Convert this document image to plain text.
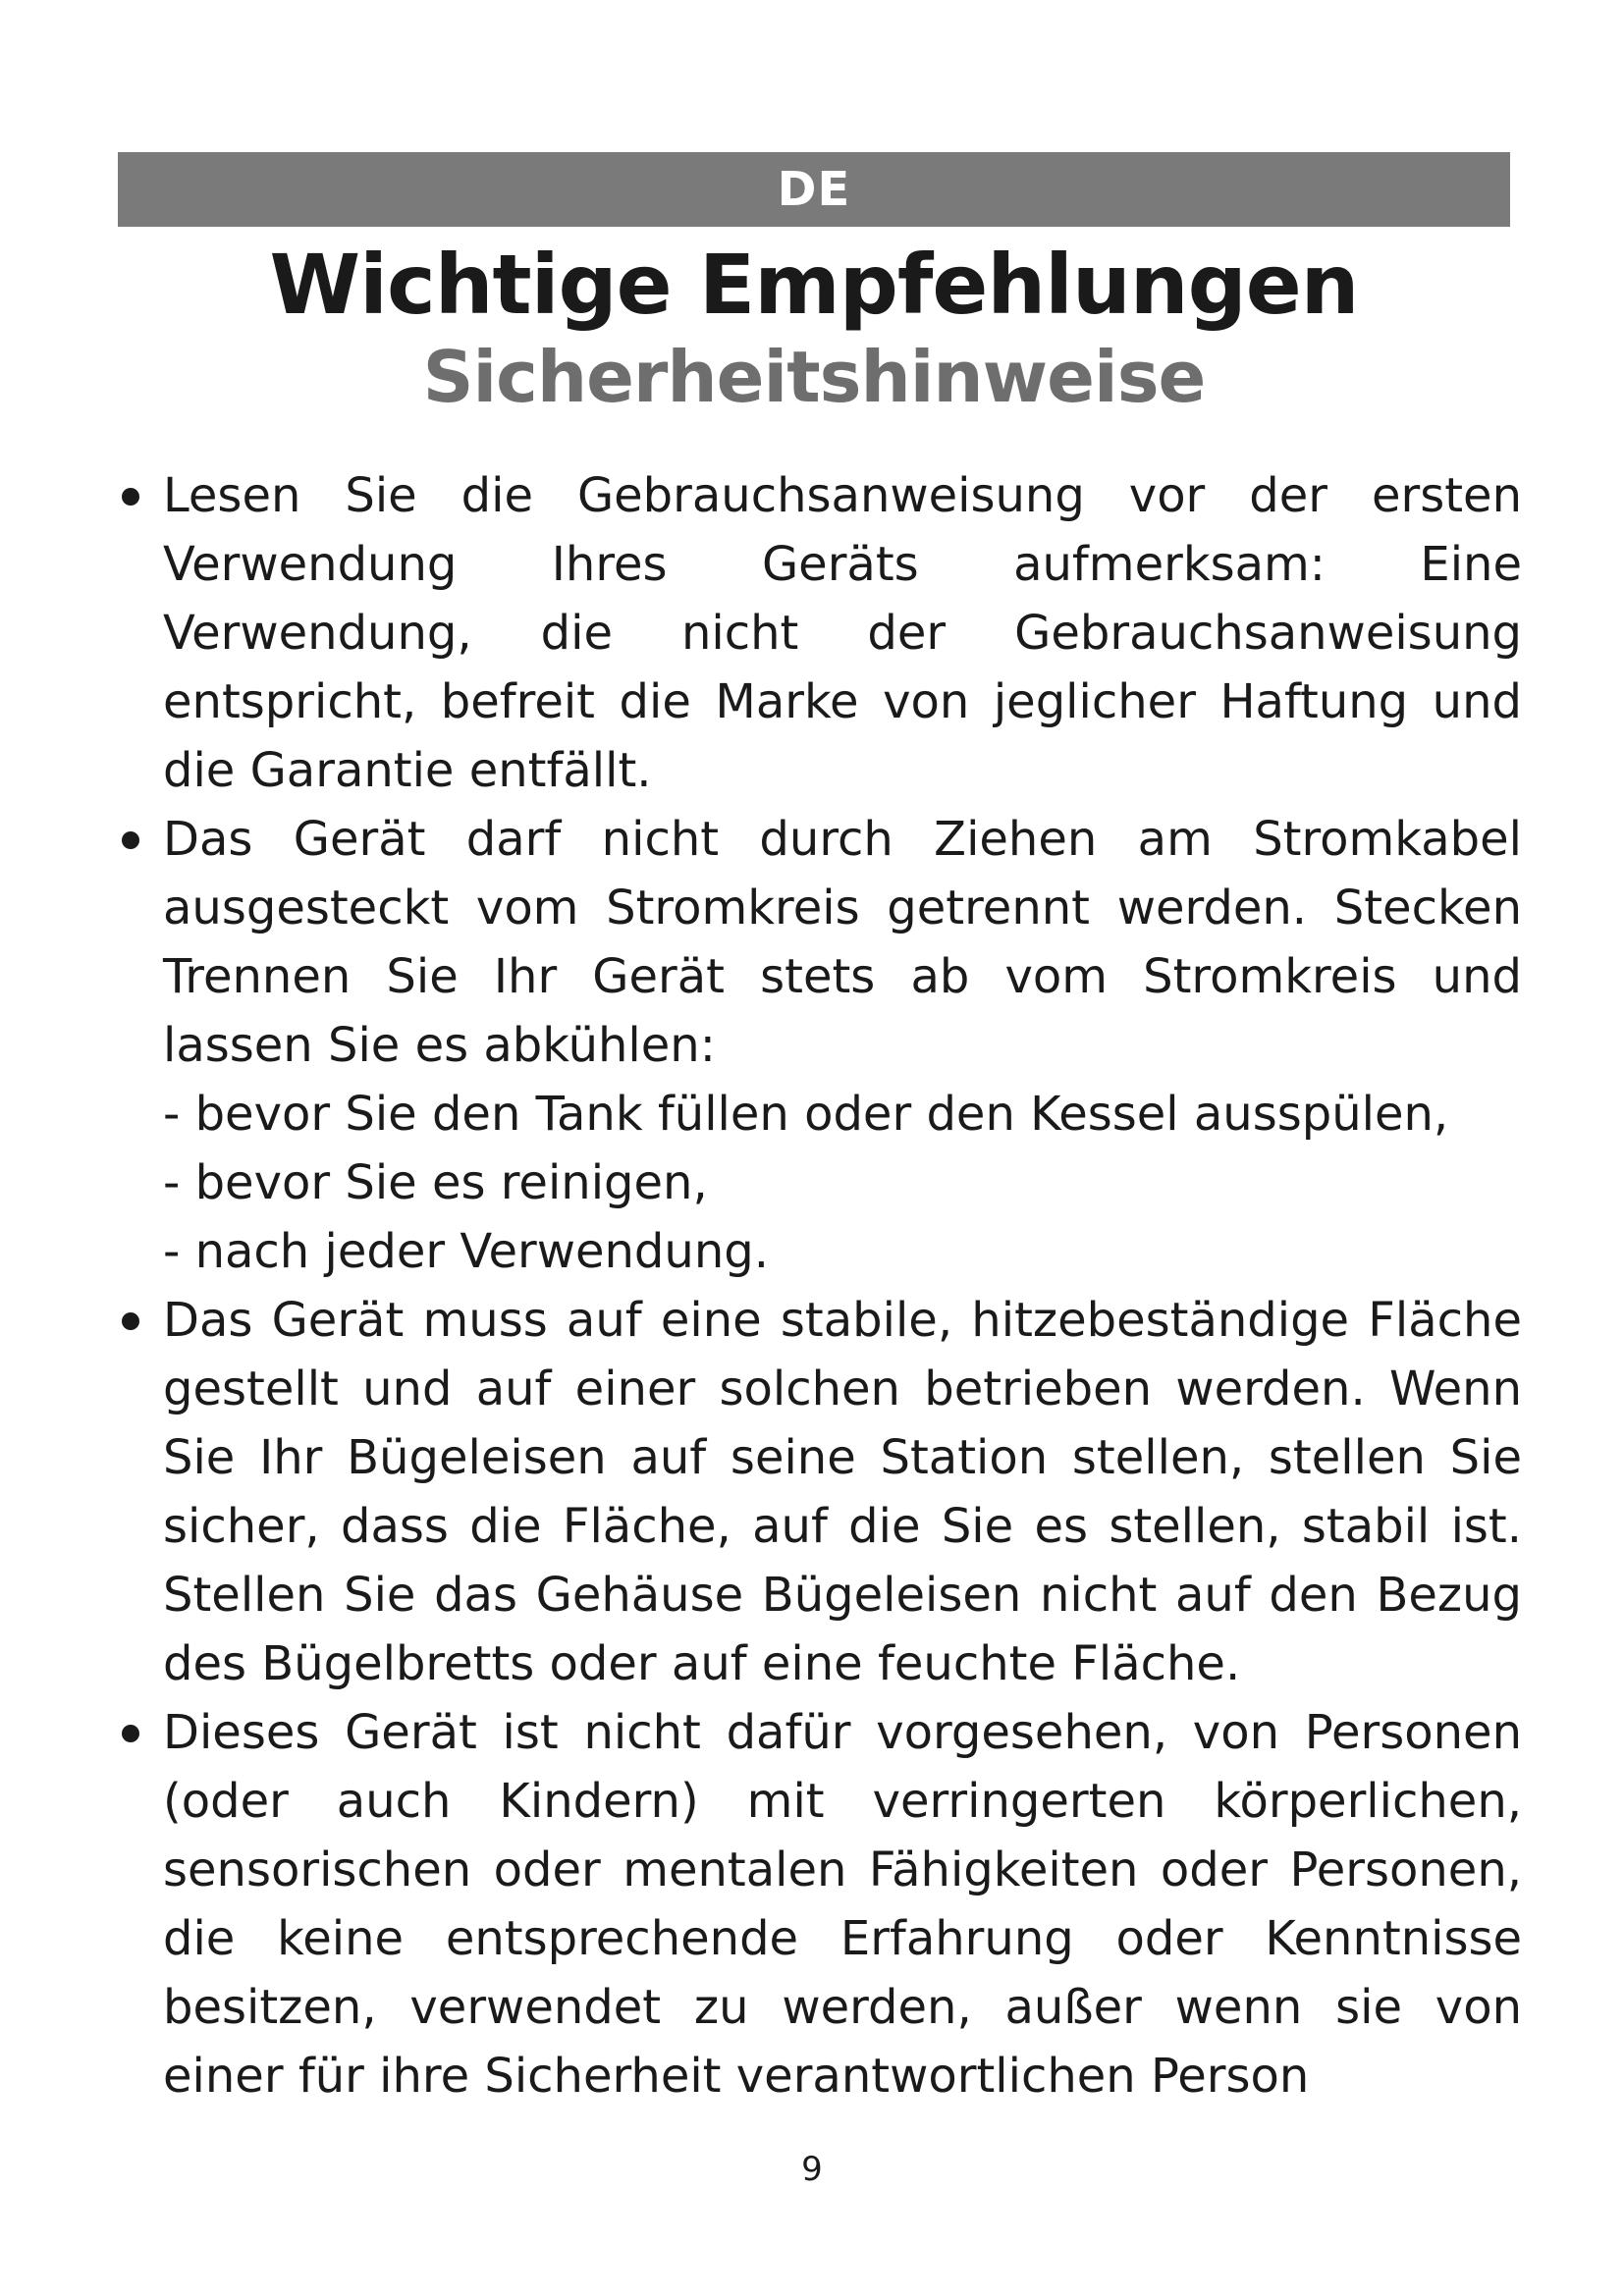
DE
Wichtige Empfehlungen
Sicherheitshinweise
Lesen Sie die Gebrauchsanweisung vor der ersten Verwendung Ihres Geräts aufmerksam: Eine Verwendung, die nicht der Gebrauchsanweisung entspricht, befreit die Marke von jeglicher Haftung und die Garantie entfällt.
Das Gerät darf nicht durch Ziehen am Stromkabel ausgesteckt vom Stromkreis getrennt werden. Stecken Trennen Sie Ihr Gerät stets ab vom Stromkreis und lassen Sie es abkühlen:
- bevor Sie den Tank füllen oder den Kessel ausspülen,
- bevor Sie es reinigen,
- nach jeder Verwendung.
Das Gerät muss auf eine stabile, hitzebeständige Fläche gestellt und auf einer solchen betrieben werden. Wenn Sie Ihr Bügeleisen auf seine Station stellen, stellen Sie sicher, dass die Fläche, auf die Sie es stellen, stabil ist. Stellen Sie das Gehäuse Bügeleisen nicht auf den Bezug des Bügelbretts oder auf eine feuchte Fläche.
Dieses Gerät ist nicht dafür vorgesehen, von Personen (oder auch Kindern) mit verringerten körperlichen, sensorischen oder mentalen Fähigkeiten oder Personen, die keine entsprechende Erfahrung oder Kenntnisse besitzen, verwendet zu werden, außer wenn sie von einer für ihre Sicherheit verantwortlichen Person
9
